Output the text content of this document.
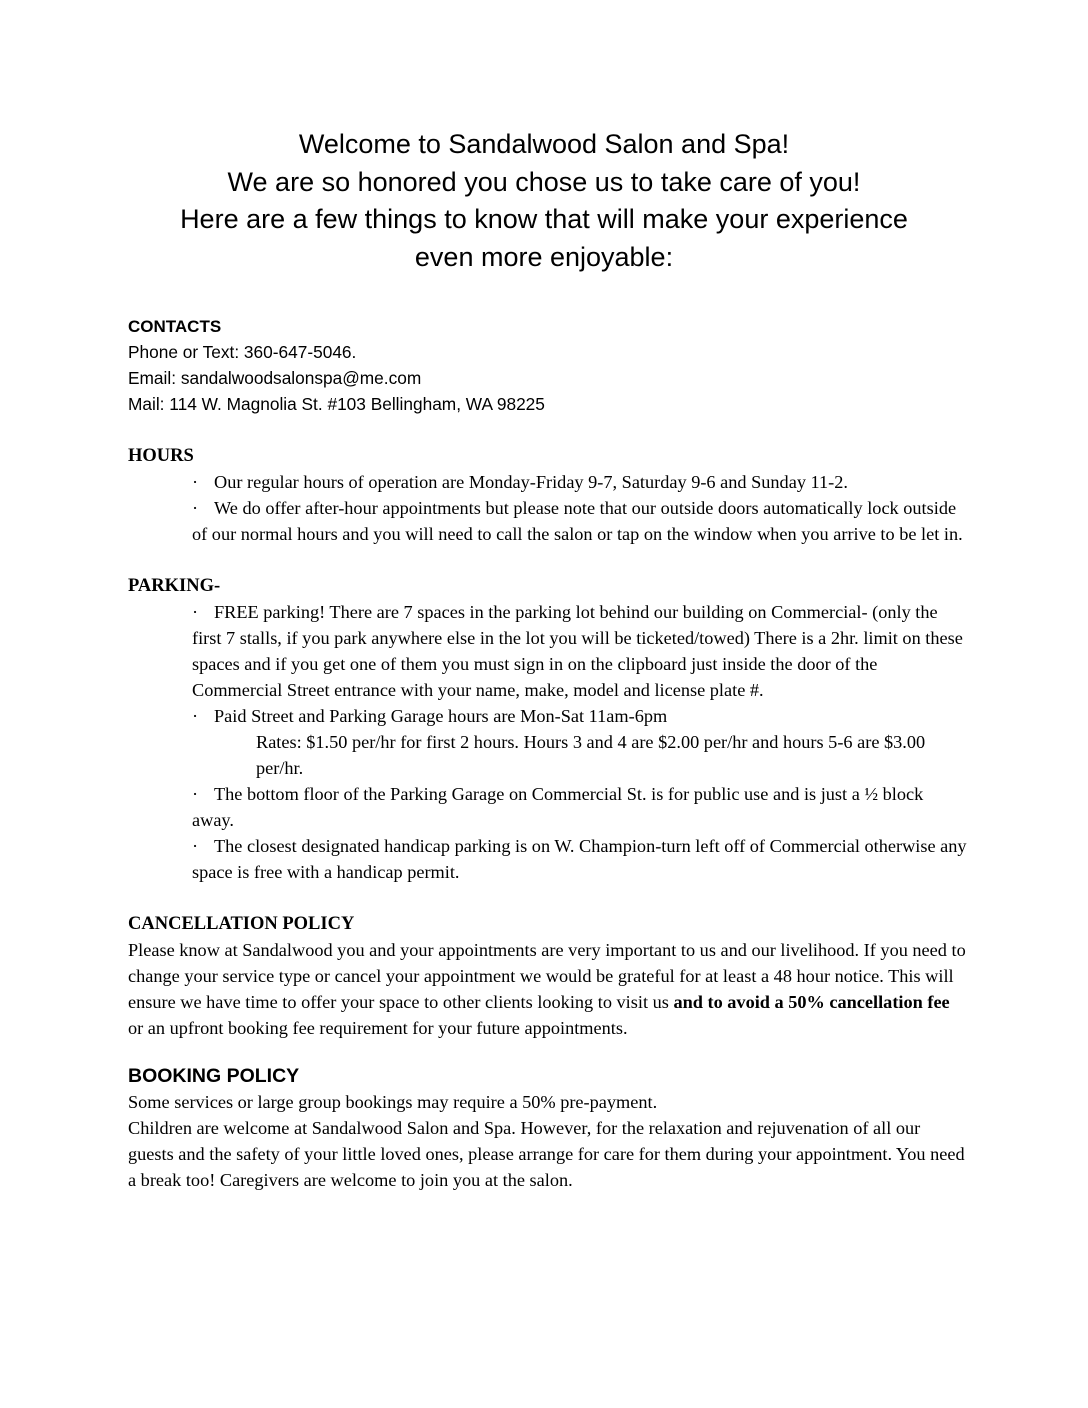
Welcome to Sandalwood Salon and Spa!
We are so honored you chose us to take care of you!
Here are a few things to know that will make your experience
even more enjoyable:
CONTACTS
Phone or Text: 360-647-5046.
Email: sandalwoodsalonspa@me.com
Mail: 114 W. Magnolia St. #103 Bellingham, WA 98225
HOURS

· Our regular hours of operation are Monday-Friday 9-7, Saturday 9-6 and Sunday 11-2.

· We do offer after-hour appointments but please note that our outside doors automatically lock outside of our normal hours and you will need to call the salon or tap on the window when you arrive to be let in.

PARKING-

· FREE parking! There are 7 spaces in the parking lot behind our building on Commercial- (only the first 7 stalls, if you park anywhere else in the lot you will be ticketed/towed) There is a 2hr. limit on these spaces and if you get one of them you must sign in on the clipboard just inside the door of the Commercial Street entrance with your name, make, model and license plate #.

· Paid Street and Parking Garage hours are Mon-Sat 11am-6pm

Rates: $1.50 per/hr for first 2 hours. Hours 3 and 4 are $2.00 per/hr and hours 5-6 are $3.00 per/hr.

· The bottom floor of the Parking Garage on Commercial St. is for public use and is just a ½ block away.

· The closest designated handicap parking is on W. Champion-turn left off of Commercial otherwise any space is free with a handicap permit.

CANCELLATION POLICY

Please know at Sandalwood you and your appointments are very important to us and our livelihood. If you need to change your service type or cancel your appointment we would be grateful for at least a 48 hour notice. This will ensure we have time to offer your space to other clients looking to visit us and to avoid a 50% cancellation fee or an upfront booking fee requirement for your future appointments.

BOOKING POLICY

Some services or large group bookings may require a 50% pre-payment.

Children are welcome at Sandalwood Salon and Spa. However, for the relaxation and rejuvenation of all our guests and the safety of your little loved ones, please arrange for care for them during your appointment. You need a break too! Caregivers are welcome to join you at the salon.
